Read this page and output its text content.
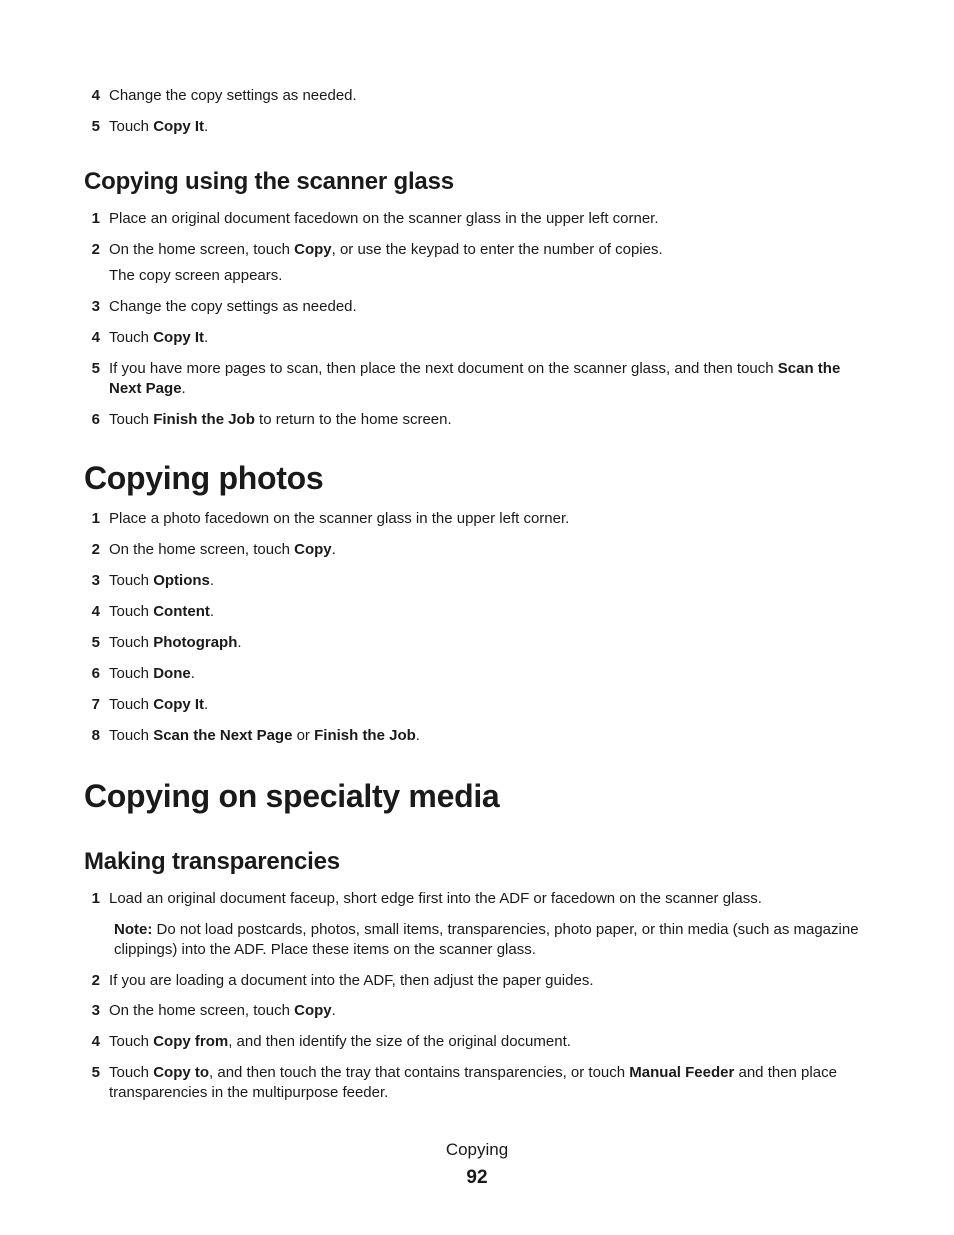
4 Change the copy settings as needed.
5 Touch Copy It.
Copying using the scanner glass
1 Place an original document facedown on the scanner glass in the upper left corner.
2 On the home screen, touch Copy, or use the keypad to enter the number of copies.
The copy screen appears.
3 Change the copy settings as needed.
4 Touch Copy It.
5 If you have more pages to scan, then place the next document on the scanner glass, and then touch Scan the Next Page.
6 Touch Finish the Job to return to the home screen.
Copying photos
1 Place a photo facedown on the scanner glass in the upper left corner.
2 On the home screen, touch Copy.
3 Touch Options.
4 Touch Content.
5 Touch Photograph.
6 Touch Done.
7 Touch Copy It.
8 Touch Scan the Next Page or Finish the Job.
Copying on specialty media
Making transparencies
1 Load an original document faceup, short edge first into the ADF or facedown on the scanner glass.
Note: Do not load postcards, photos, small items, transparencies, photo paper, or thin media (such as magazine clippings) into the ADF. Place these items on the scanner glass.
2 If you are loading a document into the ADF, then adjust the paper guides.
3 On the home screen, touch Copy.
4 Touch Copy from, and then identify the size of the original document.
5 Touch Copy to, and then touch the tray that contains transparencies, or touch Manual Feeder and then place transparencies in the multipurpose feeder.
Copying
92
